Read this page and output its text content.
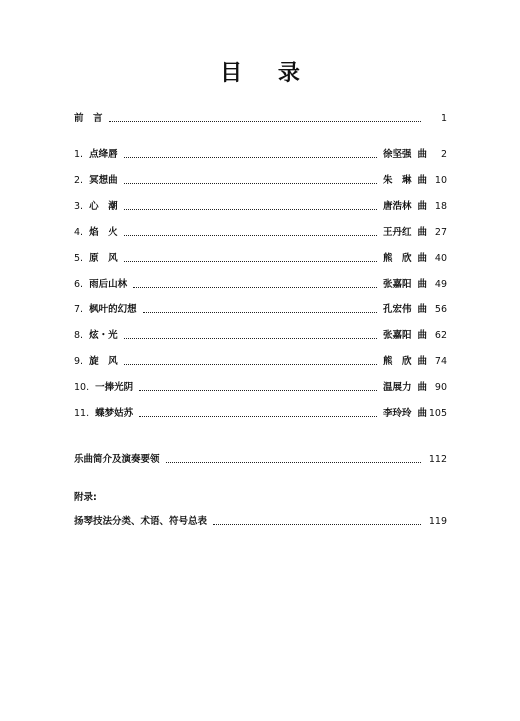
目 录
前　言	1
1. 点绛唇	徐坚强 曲	2
2. 冥想曲	朱　琳 曲 10
3. 心　潮	唐浩林 曲 18
4. 焰　火	王丹红 曲 27
5. 原　风	熊　欣 曲 40
6. 雨后山林	张嘉阳 曲 49
7. 枫叶的幻想	孔宏伟 曲 56
8. 炫・光	张嘉阳 曲 62
9. 旋　风	熊　欣 曲 74
10. 一捧光阴	温展力 曲 90
11. 蝶梦姑苏	李玲玲 曲 105
乐曲简介及演奏要领	112
附录:
扬琴技法分类、术语、符号总表	119
